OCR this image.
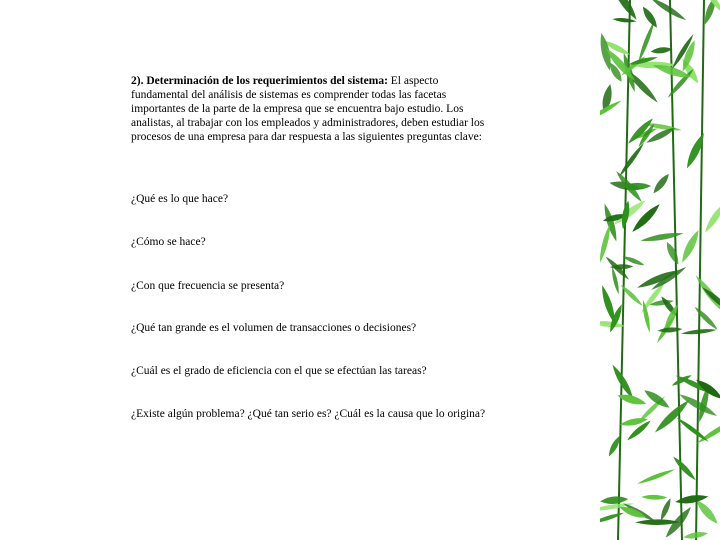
2). Determinación de los requerimientos del sistema: El aspecto fundamental del análisis de sistemas es comprender todas las facetas importantes de la parte de la empresa que se encuentra bajo estudio. Los analistas, al trabajar con los empleados y administradores, deben estudiar los procesos de una empresa para dar respuesta a las siguientes preguntas clave:

¿Qué es lo que hace?

¿Cómo se hace?

¿Con que frecuencia se presenta?

¿Qué tan grande es el volumen de transacciones o decisiones?

¿Cuál es el grado de eficiencia con el que se efectúan las tareas?

¿Existe algún problema? ¿Qué tan serio es? ¿Cuál es la causa que lo origina?
